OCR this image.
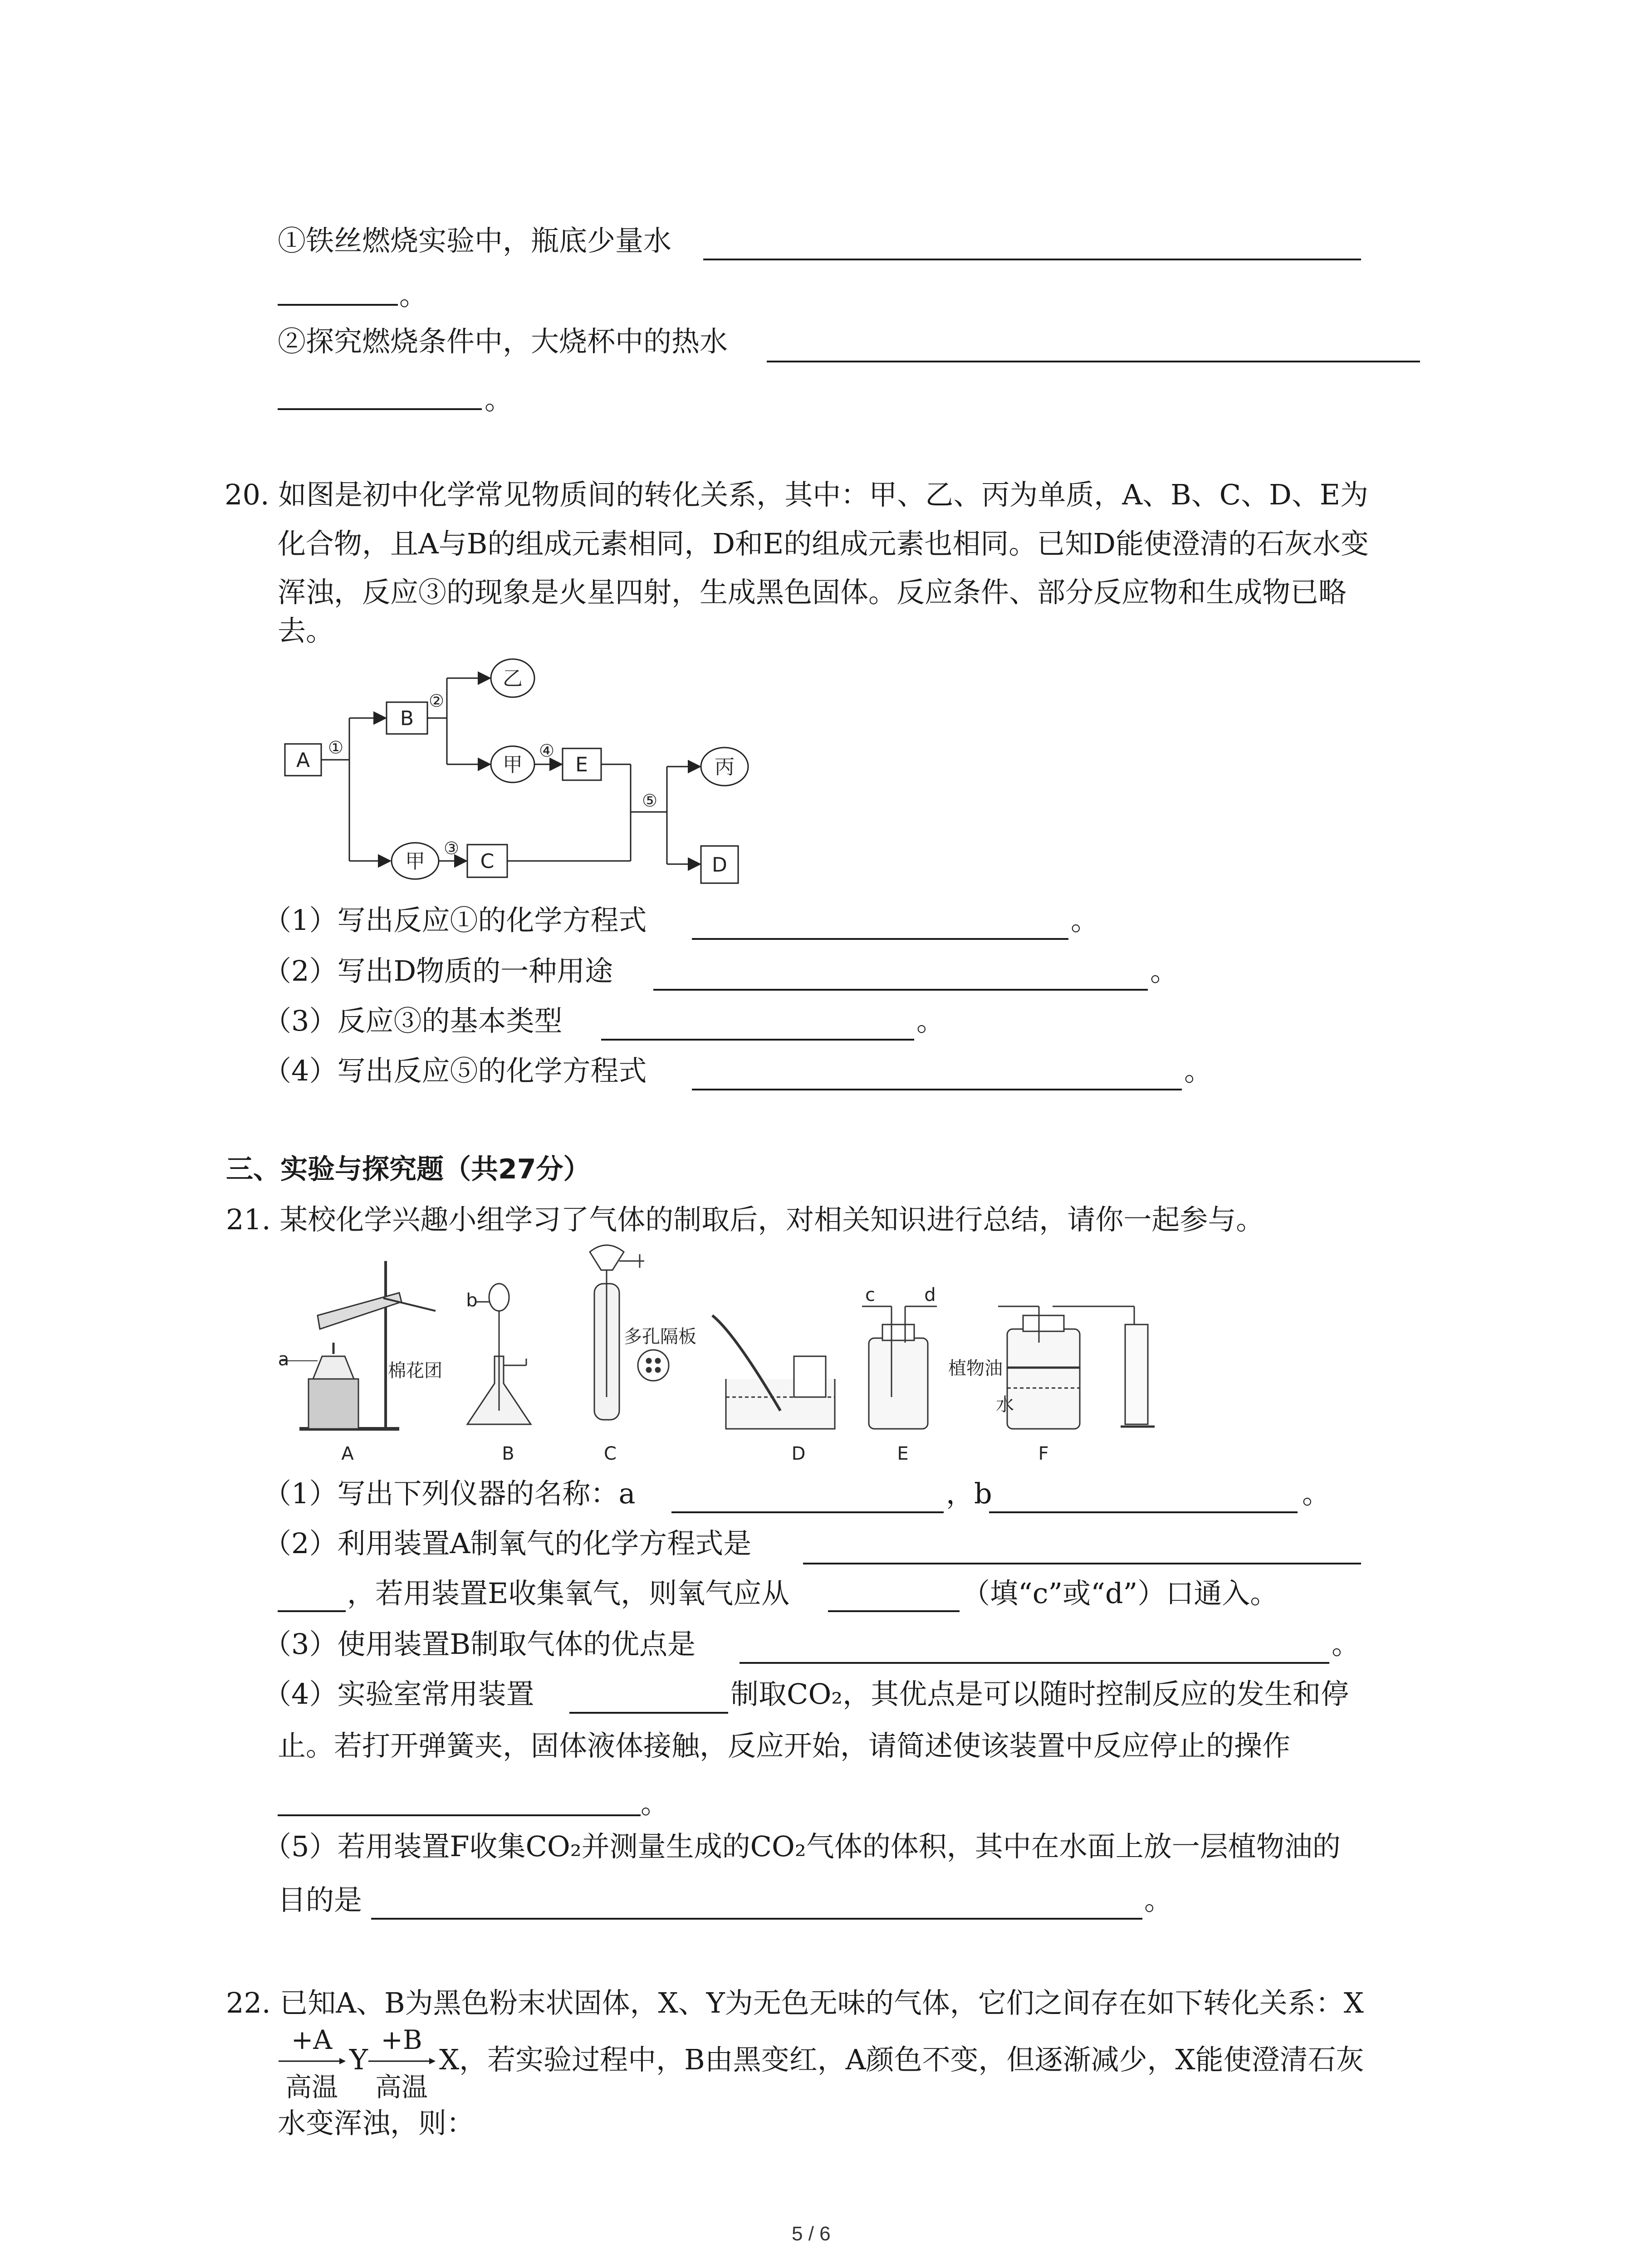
①铁丝燃烧实验中，瓶底少量水
。
②探究燃烧条件中，大烧杯中的热水
。
20. 如图是初中化学常见物质间的转化关系，其中：甲、乙、丙为单质，A、B、C、D、E为
化合物，且A与B的组成元素相同，D和E的组成元素也相同。已知D能使澄清的石灰水变
浑浊，反应③的现象是火星四射，生成黑色固体。反应条件、部分反应物和生成物已略
去。
A
B
E
C	D
乙
甲	丙
甲
①
②
③
④
⑤
（1）写出反应①的化学方程式	。
（2）写出D物质的一种用途	。
（3）反应③的基本类型	。
（4）写出反应⑤的化学方程式	。
三、实验与探究题（共27分）
21. 某校化学兴趣小组学习了气体的制取后，对相关知识进行总结，请你一起参与。
A	B	C	D	E	F
a
b	c	d
棉花团
多孔隔板
植物油
水
（1）写出下列仪器的名称：a	，b	。
（2）利用装置A制氧气的化学方程式是
，若用装置E收集氧气，则氧气应从	（填“c”或“d”）口通入。
（3）使用装置B制取气体的优点是	。
（4）实验室常用装置	制取CO₂，其优点是可以随时控制反应的发生和停
止。若打开弹簧夹，固体液体接触，反应开始，请简述使该装置中反应停止的操作
。
（5）若用装置F收集CO₂并测量生成的CO₂气体的体积，其中在水面上放一层植物油的
目的是	。
22. 已知A、B为黑色粉末状固体，X、Y为无色无味的气体，它们之间存在如下转化关系：X
+A
高温
Y
+B
高温
X，若实验过程中，B由黑变红，A颜色不变，但逐渐减少，X能使澄清石灰
水变浑浊，则：
5 / 6
